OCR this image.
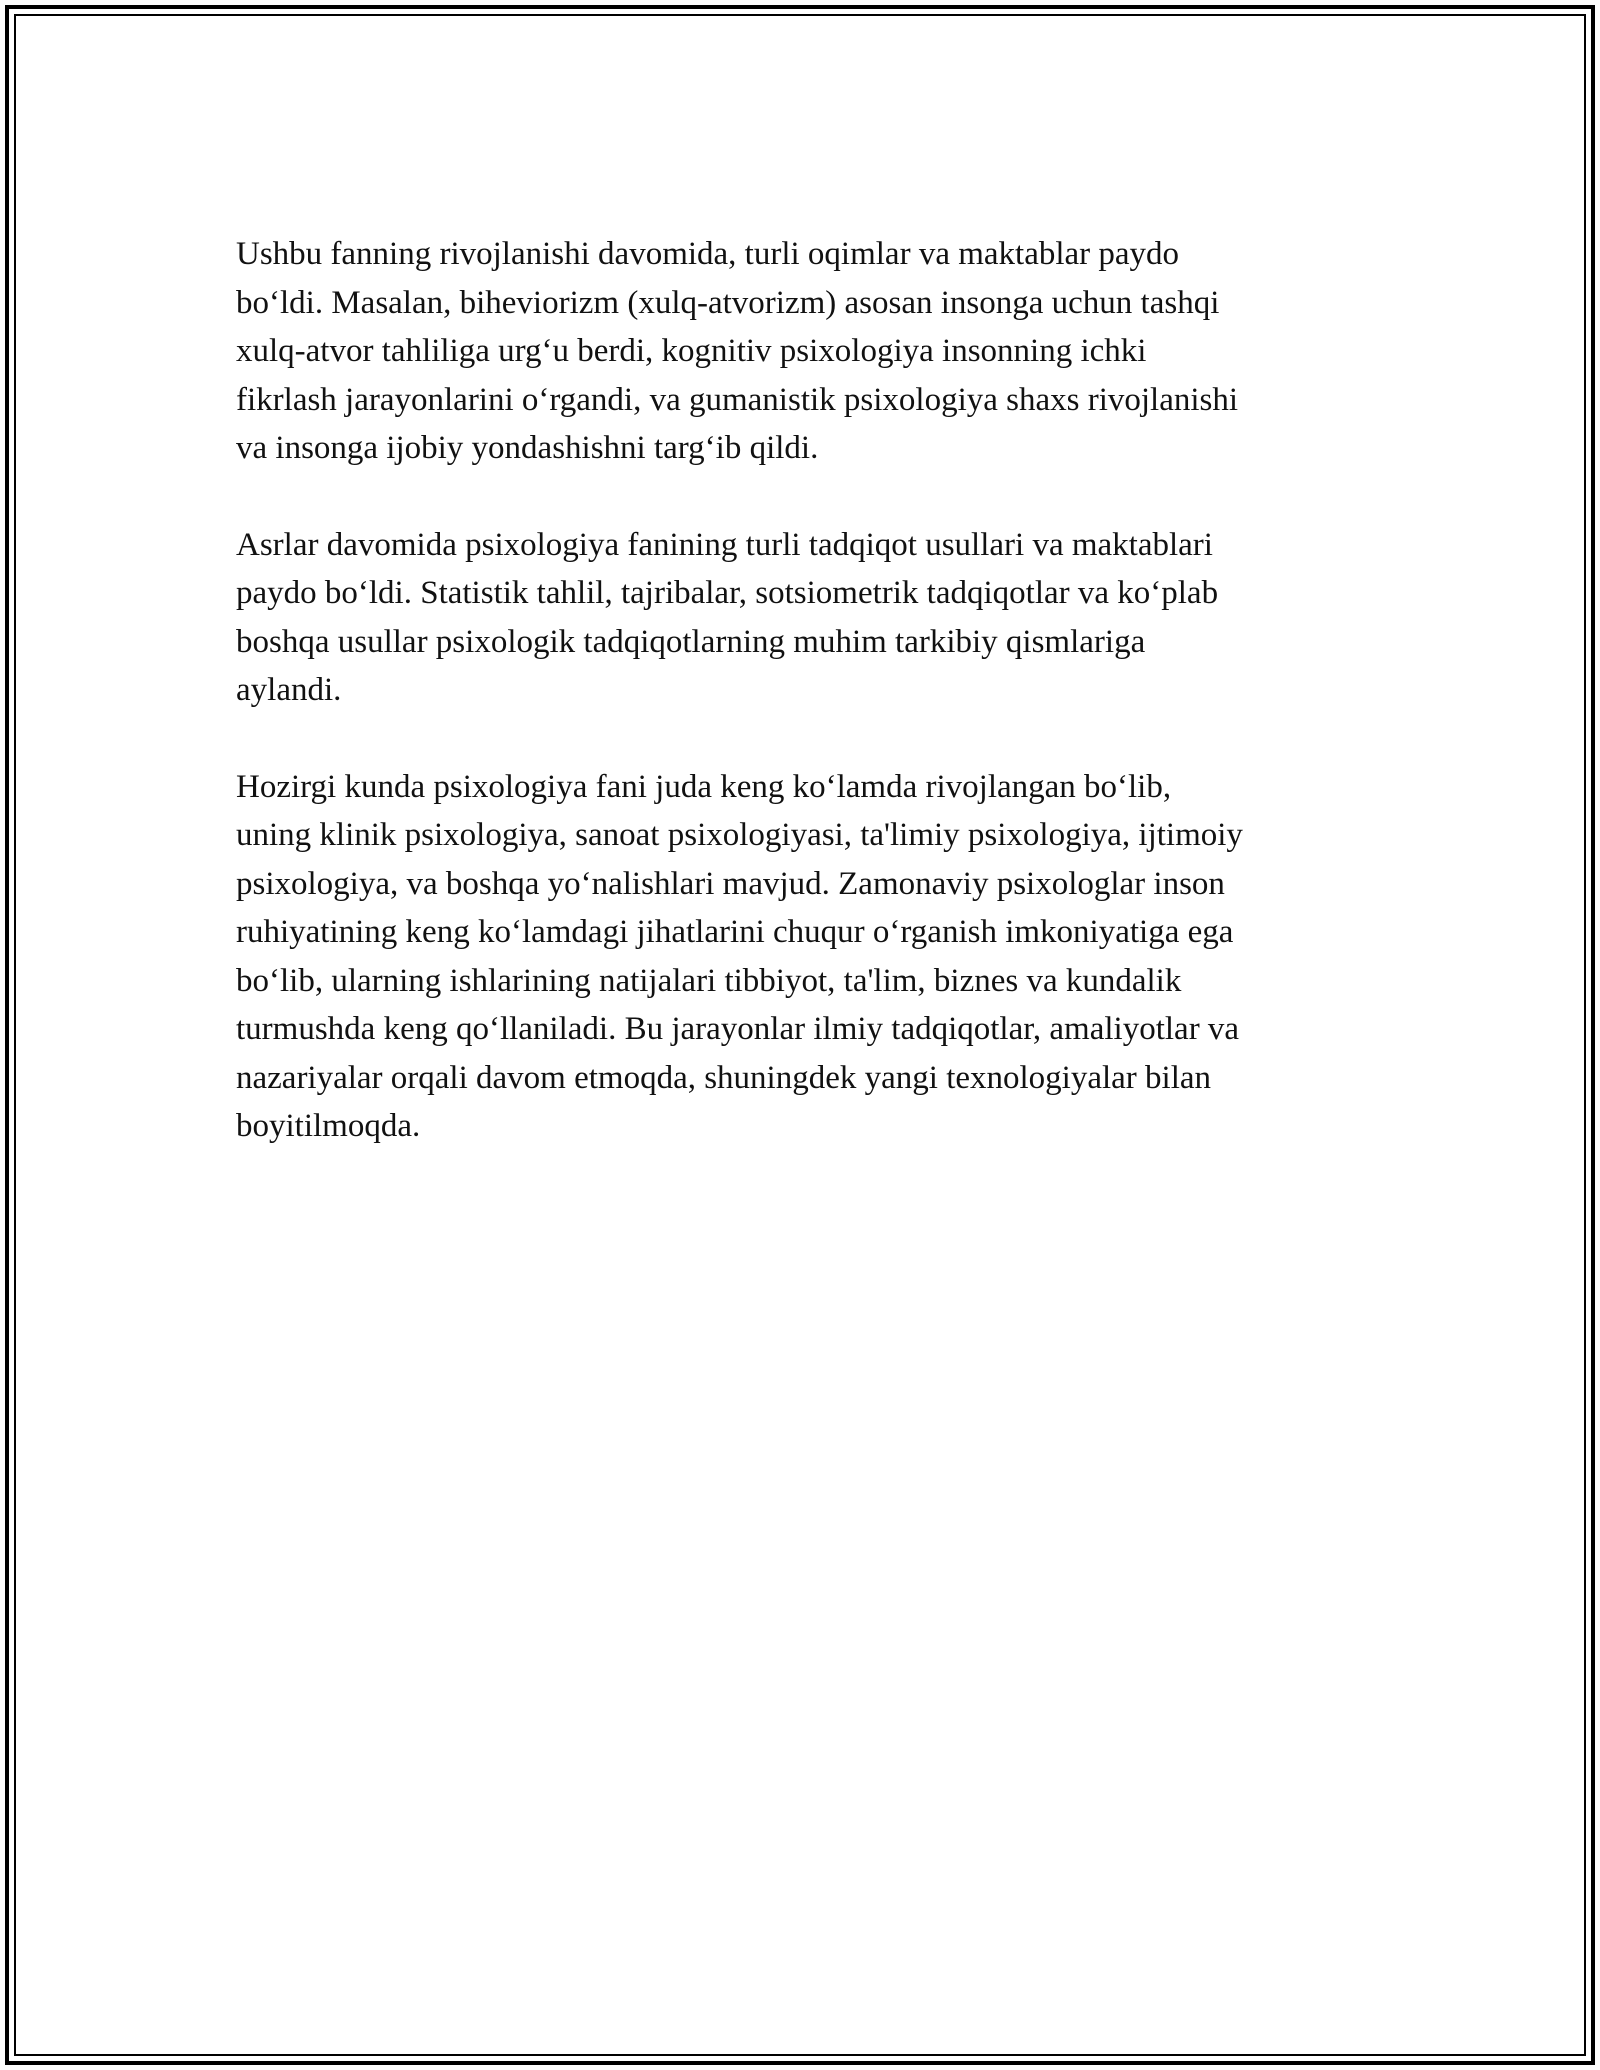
Ushbu fanning rivojlanishi davomida, turli oqimlar va maktablar paydo
bo‘ldi. Masalan, biheviorizm (xulq-atvorizm) asosan insonga uchun tashqi
xulq-atvor tahliliga urg‘u berdi, kognitiv psixologiya insonning ichki
fikrlash jarayonlarini o‘rgandi, va gumanistik psixologiya shaxs rivojlanishi
va insonga ijobiy yondashishni targ‘ib qildi.

Asrlar davomida psixologiya fanining turli tadqiqot usullari va maktablari
paydo bo‘ldi. Statistik tahlil, tajribalar, sotsiometrik tadqiqotlar va ko‘plab
boshqa usullar psixologik tadqiqotlarning muhim tarkibiy qismlariga
aylandi.

Hozirgi kunda psixologiya fani juda keng ko‘lamda rivojlangan bo‘lib,
uning klinik psixologiya, sanoat psixologiyasi, ta'limiy psixologiya, ijtimoiy
psixologiya, va boshqa yo‘nalishlari mavjud. Zamonaviy psixologlar inson
ruhiyatining keng ko‘lamdagi jihatlarini chuqur o‘rganish imkoniyatiga ega
bo‘lib, ularning ishlarining natijalari tibbiyot, ta'lim, biznes va kundalik
turmushda keng qo‘llaniladi. Bu jarayonlar ilmiy tadqiqotlar, amaliyotlar va
nazariyalar orqali davom etmoqda, shuningdek yangi texnologiyalar bilan
boyitilmoqda.
